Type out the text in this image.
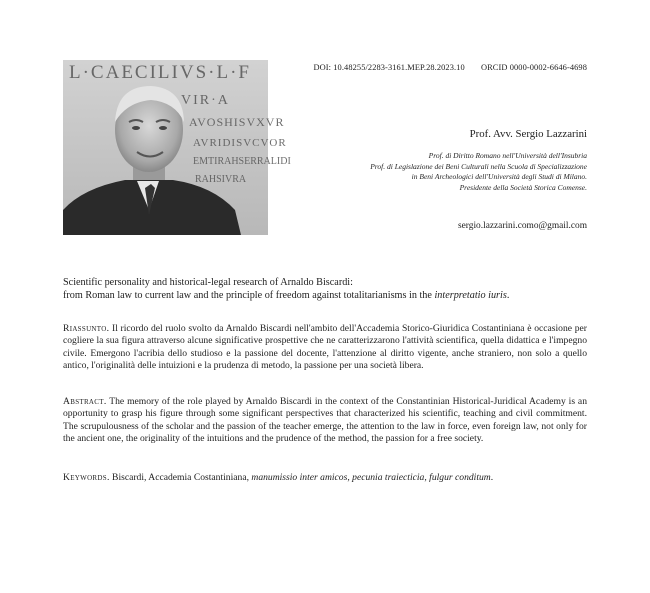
L·CAECILIVS·L·F
VIR·A
AVOSHISVXVR
AVRIDISVCVOR
EMTIRAHSERRALIDI
RAHSIVRA
DOI: 10.48255/2283-3161.MEP.28.2023.10 ORCID 0000-0002-6646-4698
Prof. Avv. Sergio Lazzarini

Prof. di Diritto Romano nell'Università dell'Insubria

Prof. di Legislazione dei Beni Culturali nella Scuola di Specializzazione

in Beni Archeologici dell'Università degli Studi di Milano.

Presidente della Società Storica Comense.

sergio.lazzarini.como@gmail.com

Scientific personality and historical-legal research of Arnaldo Biscardi:

from Roman law to current law and the principle of freedom against totalitarianisms in the interpretatio iuris.

Riassunto. Il ricordo del ruolo svolto da Arnaldo Biscardi nell'ambito dell'Accademia Storico-Giuridica Costantiniana è occasione per cogliere la sua figura attraverso alcune significative prospettive che ne caratterizzarono l'attività scientifica, quella didattica e l'impegno civile. Emergono l'acribia dello studioso e la passione del docente, l'attenzione al diritto vigente, anche straniero, non solo a quello antico, l'originalità delle intuizioni e la prudenza di metodo, la passione per una società libera.
Abstract. The memory of the role played by Arnaldo Biscardi in the context of the Constantinian Historical-Juridical Academy is an opportunity to grasp his figure through some significant perspectives that characterized his scientific, teaching and civil commitment. The scrupulousness of the scholar and the passion of the teacher emerge, the attention to the law in force, even foreign law, not only for the ancient one, the originality of the intuitions and the prudence of the method, the passion for a free society.
Keywords. Biscardi, Accademia Costantiniana, manumissio inter amicos, pecunia traiecticia, fulgur conditum.
